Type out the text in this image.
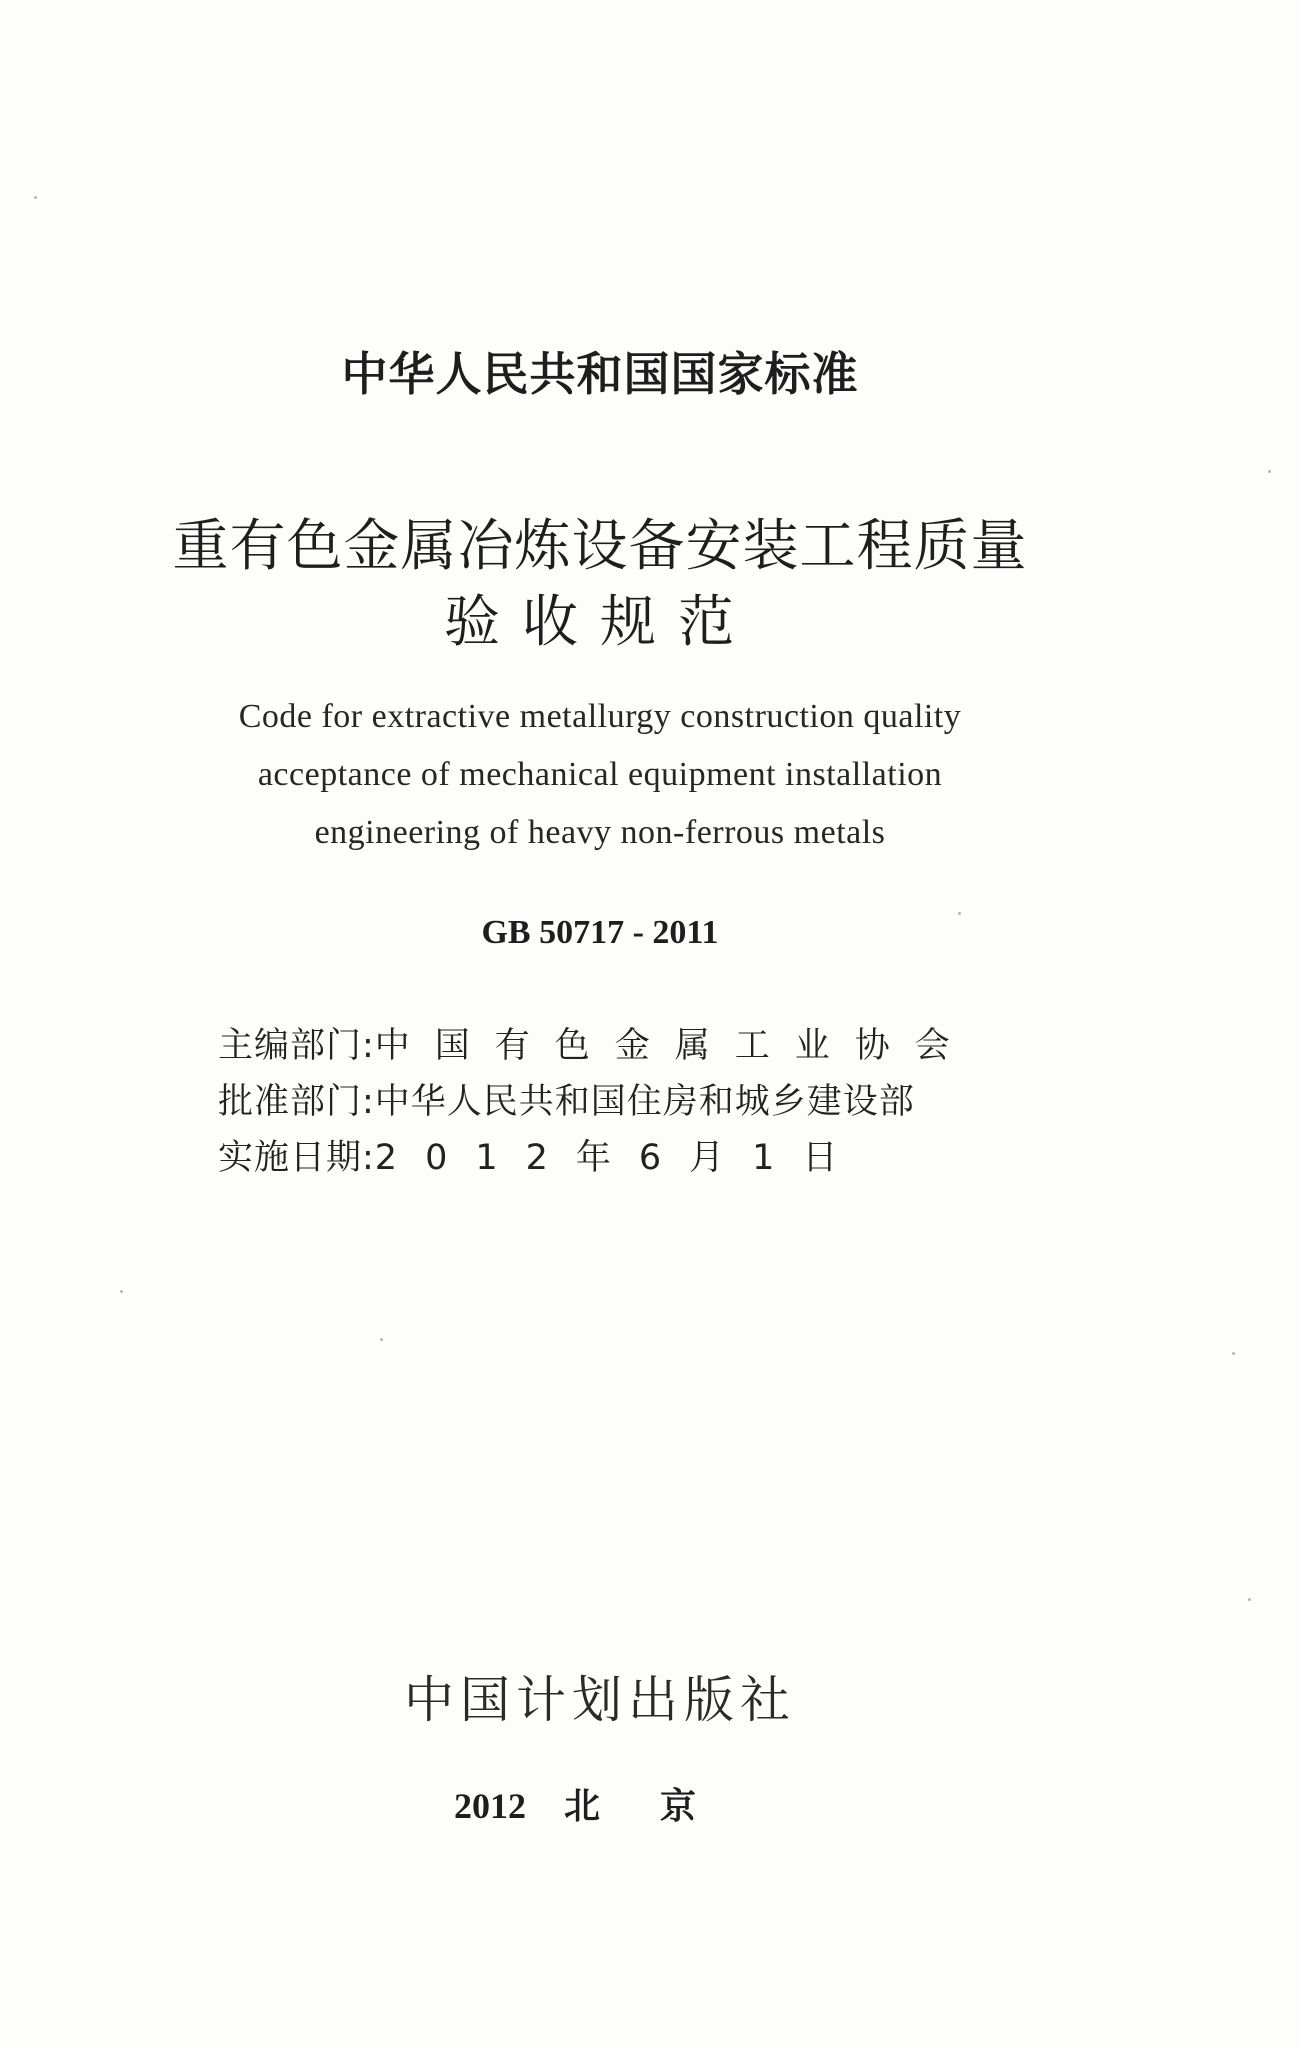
中华人民共和国国家标准
重有色金属冶炼设备安装工程质量
验收规范
Code for extractive metallurgy construction quality
acceptance of mechanical equipment installation
engineering of heavy non-ferrous metals
GB 50717 - 2011
主编部门:中国有色金属工业协会
批准部门:中华人民共和国住房和城乡建设部
实施日期:2012年6月1日
中国计划出版社
2012 北京
